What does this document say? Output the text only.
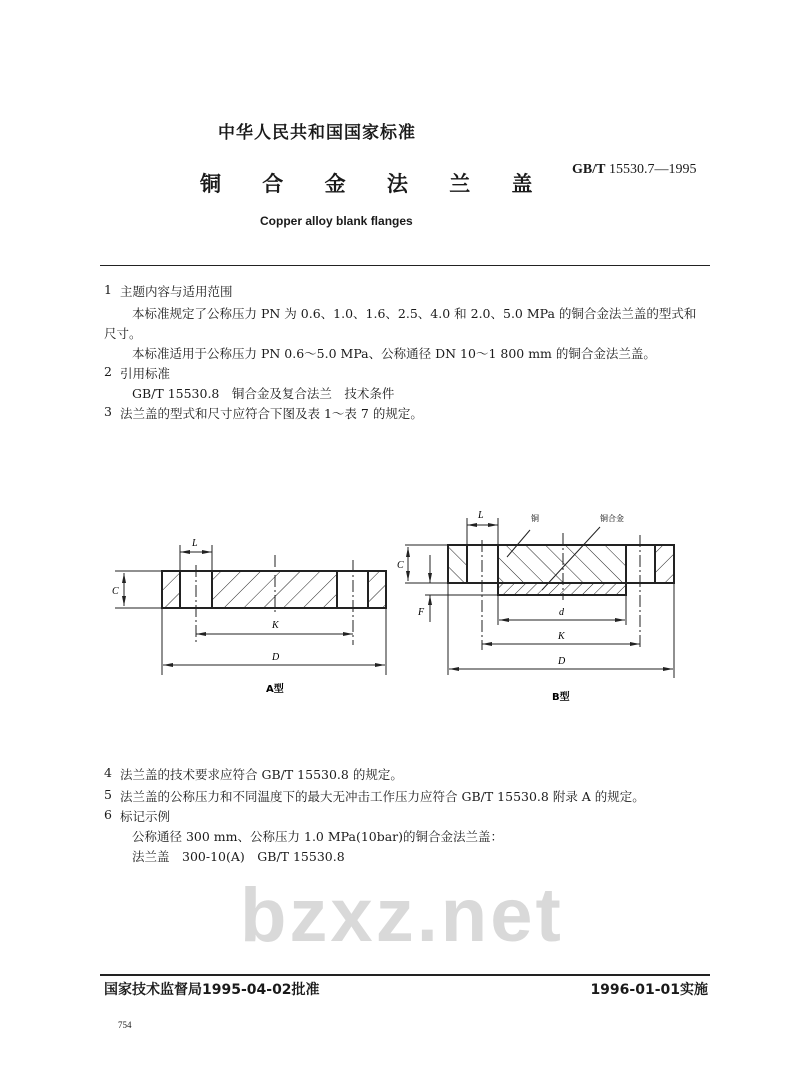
bzxz.net
中华人民共和国国家标准
GB/T 15530.7—1995
铜 合 金 法 兰 盖
Copper alloy blank flanges
1 主题内容与适用范围
本标准规定了公称压力 PN 为 0.6、1.0、1.6、2.5、4.0 和 2.0、5.0 MPa 的铜合金法兰盖的型式和
尺寸。
本标准适用于公称压力 PN 0.6～5.0 MPa、公称通径 DN 10～1 800 mm 的铜合金法兰盖。
2 引用标准
GB/T 15530.8　铜合金及复合法兰　技术条件
3 法兰盖的型式和尺寸应符合下图及表 1～表 7 的规定。
L
C
K
D
A型
L
C
F	d
K
D
铜	铜合金
B型
4 法兰盖的技术要求应符合 GB/T 15530.8 的规定。
5 法兰盖的公称压力和不同温度下的最大无冲击工作压力应符合 GB/T 15530.8 附录 A 的规定。
6 标记示例
公称通径 300 mm、公称压力 1.0 MPa(10bar)的铜合金法兰盖：
法兰盖　300-10(A)　GB/T 15530.8
国家技术监督局1995-04-02批准	1996-01-01实施
754
